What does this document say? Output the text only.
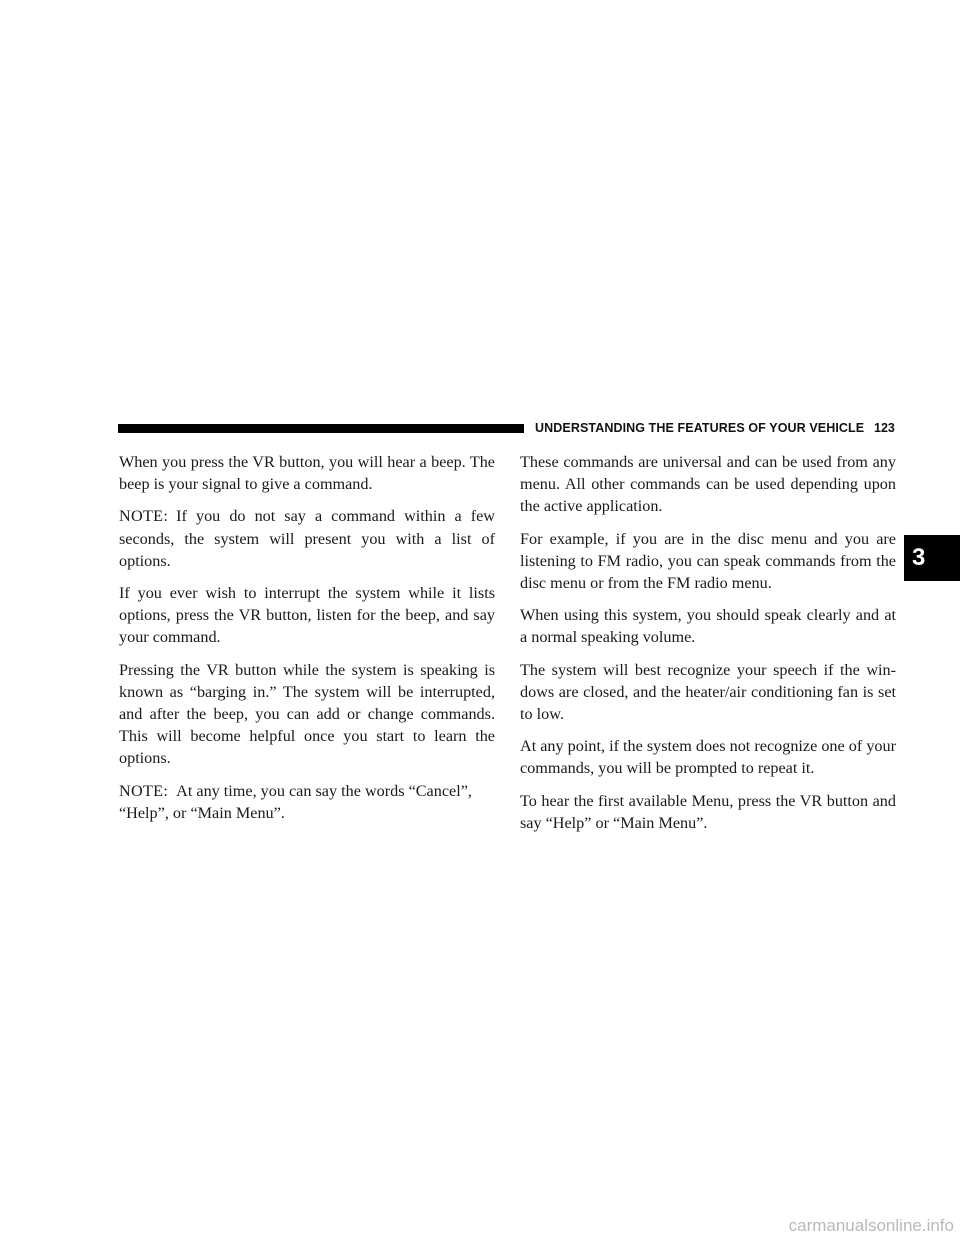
UNDERSTANDING THE FEATURES OF YOUR VEHICLE 123

When you press the VR button, you will hear a beep. The beep is your signal to give a command.

NOTE: If you do not say a command within a few seconds, the system will present you with a list of options.

If you ever wish to interrupt the system while it lists options, press the VR button, listen for the beep, and say your command.

Pressing the VR button while the system is speaking is known as “barging in.” The system will be interrupted, and after the beep, you can add or change commands. This will become helpful once you start to learn the options.

NOTE: At any time, you can say the words “Cancel”, “Help”, or “Main Menu”.

These commands are universal and can be used from any menu. All other commands can be used depending upon the active application.

For example, if you are in the disc menu and you are listening to FM radio, you can speak commands from the disc menu or from the FM radio menu.

When using this system, you should speak clearly and at a normal speaking volume.

The system will best recognize your speech if the win-dows are closed, and the heater/air conditioning fan is set to low.

At any point, if the system does not recognize one of your commands, you will be prompted to repeat it.

To hear the first available Menu, press the VR button and say “Help” or “Main Menu”.

3
carmanualsonline.info
